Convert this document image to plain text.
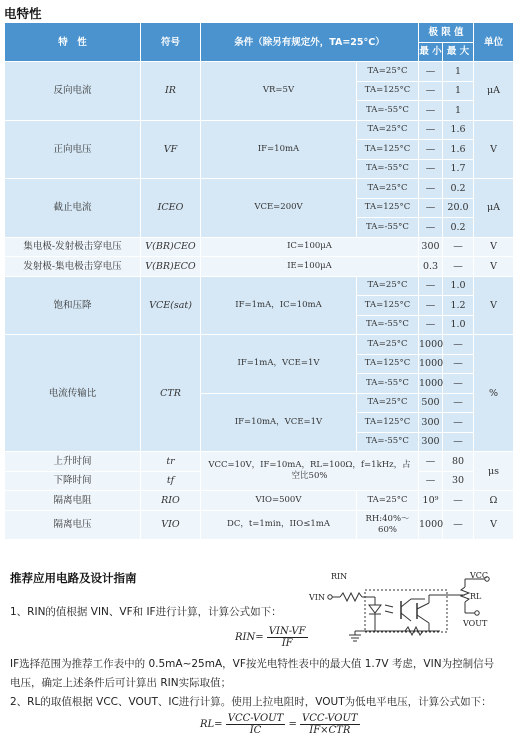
电特性
特　性	符号	条件（除另有规定外，TA=25°C）		极 限 值		单位
				最 小	最 大	
反向电流	IR	VR=5V	TA=25°C	—	1	μA
			TA=125°C	—	1	
			TA=-55°C	—	1	
正向电压	VF	IF=10mA	TA=25°C	—	1.6	V
			TA=125°C	—	1.6	
			TA=-55°C	—	1.7	
截止电流	ICEO	VCE=200V	TA=25°C	—	0.2	μA
			TA=125°C	—	20.0	
			TA=-55°C	—	0.2	
集电极-发射极击穿电压	V(BR)CEO	IC=100μA		300	—	V
发射极-集电极击穿电压	V(BR)ECO	IE=100μA		0.3	—	V
饱和压降	VCE(sat)	IF=1mA，IC=10mA	TA=25°C	—	1.0	V
			TA=125°C	—	1.2	
			TA=-55°C	—	1.0	
电流传输比	CTR	IF=1mA，VCE=1V	TA=25°C	1000	—	%
			TA=125°C	1000	—	
			TA=-55°C	1000	—	
		IF=10mA，VCE=1V	TA=25°C	500	—	
			TA=125°C	300	—	
			TA=-55°C	300	—	
上升时间	tr	VCC=10V，IF=10mA，RL=100Ω，f=1kHz，占空比50%		—	80	μs
下降时间	tf			—	30	
隔离电阻	RIO	VIO=500V	TA=25°C	10⁹	—	Ω
隔离电压	VIO	DC，t=1min，IIO≤1mA	RH:40%～60%	1000	—	V
推荐应用电路及设计指南	RIN
VIN
VCC
RL
VOUT
1、RIN的值根据 VIN、VF和 IF进行计算，计算公式如下：
$RIN= \frac{\text{VIN-VF}}{IF}$
IF选择范围为推荐工作表中的 0.5mA~25mA，VF按光电特性表中的最大值 1.7V 考虑，VIN为控制信号
电压，确定上述条件后可计算出 RIN实际取值；
2、RL的取值根据 VCC、VOUT、IC进行计算。使用上拉电阻时，VOUT为低电平电压，计算公式如下：
$RL= \frac{\text{VCC-VOUT}}{IC} = \frac{\text{VCC-VOUT}}{\text{IF×CTR}}$
